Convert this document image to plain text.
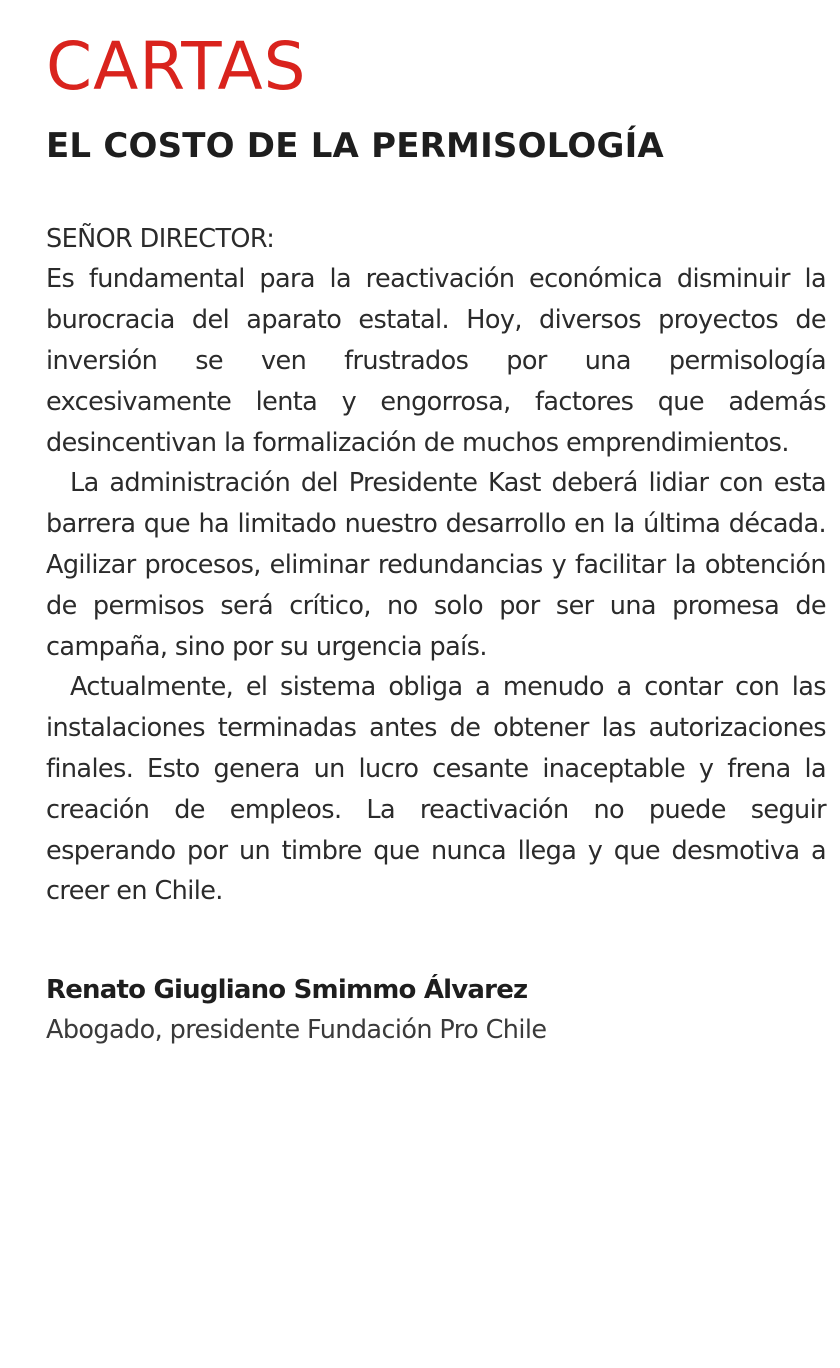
CARTAS
EL COSTO DE LA PERMISOLOGÍA

SEÑOR DIRECTOR:

Es fundamental para la reactivación económica disminuir la burocracia del aparato estatal. Hoy, diversos proyectos de inversión se ven frustrados por una permisología excesivamente lenta y engorrosa, factores que además desincentivan la formalización de muchos emprendimientos.

La administración del Presidente Kast deberá lidiar con esta barrera que ha limitado nuestro desarrollo en la última década. Agilizar procesos, eliminar redundancias y facilitar la obtención de permisos será crítico, no solo por ser una promesa de campaña, sino por su urgencia país.

Actualmente, el sistema obliga a menudo a contar con las instalaciones terminadas antes de obtener las autorizaciones finales. Esto genera un lucro cesante inaceptable y frena la creación de empleos. La reactivación no puede seguir esperando por un timbre que nunca llega y que desmotiva a creer en Chile.

Renato Giugliano Smimmo Álvarez

Abogado, presidente Fundación Pro Chile
